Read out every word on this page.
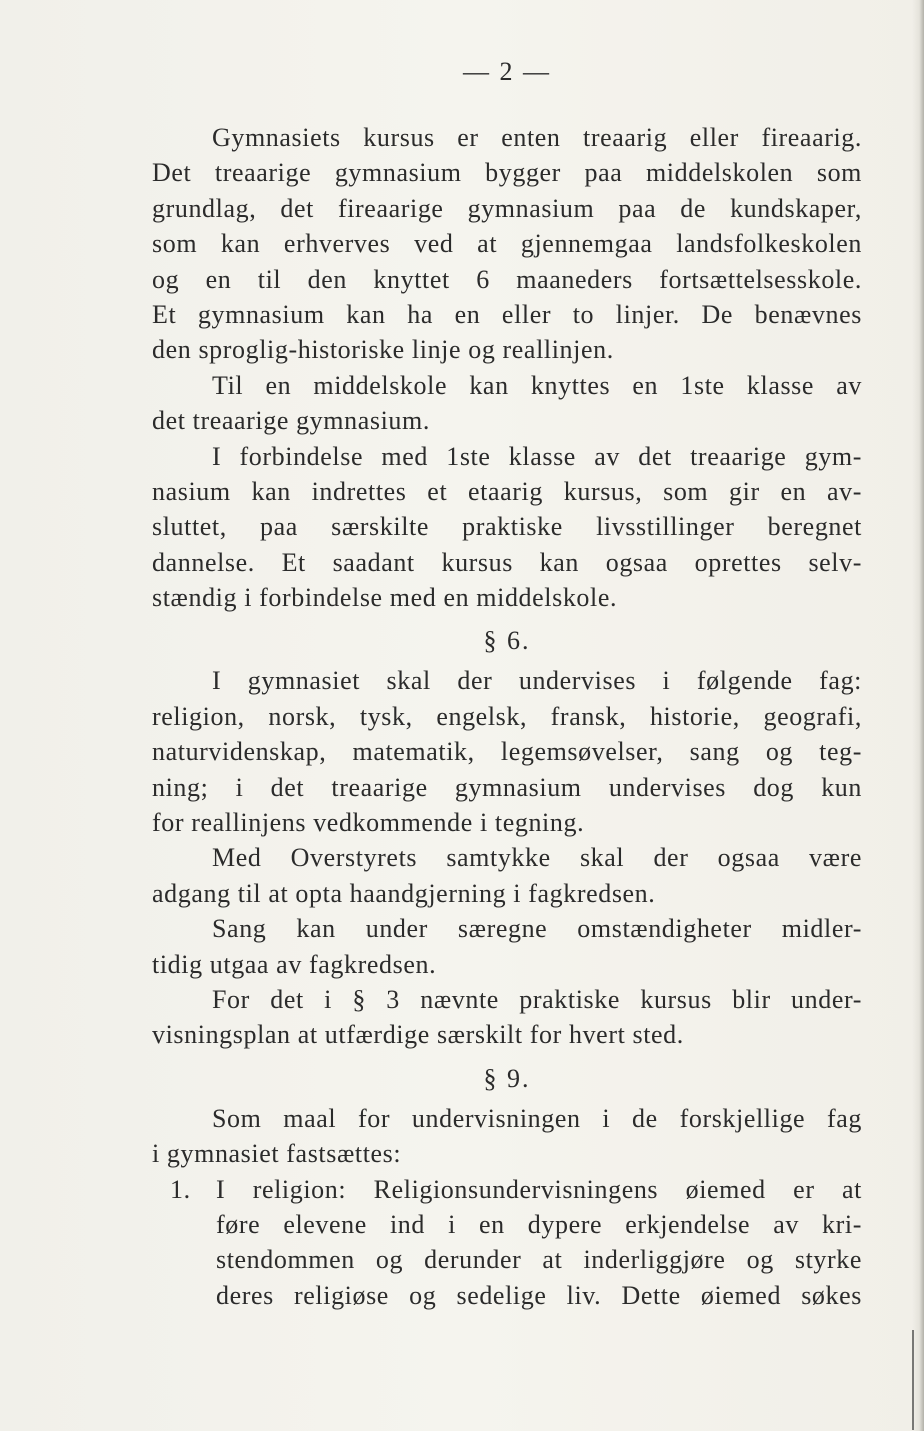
— 2 —

Gymnasiets kursus er enten treaarig eller fireaarig.
Det treaarige gymnasium bygger paa middelskolen som
grundlag, det fireaarige gymnasium paa de kundskaper,
som kan erhverves ved at gjennemgaa landsfolkeskolen
og en til den knyttet 6 maaneders fortsættelsesskole.
Et gymnasium kan ha en eller to linjer. De benævnes
den sproglig-historiske linje og reallinjen.

Til en middelskole kan knyttes en 1ste klasse av
det treaarige gymnasium.

I forbindelse med 1ste klasse av det treaarige gym-
nasium kan indrettes et etaarig kursus, som gir en av-
sluttet, paa særskilte praktiske livsstillinger beregnet
dannelse. Et saadant kursus kan ogsaa oprettes selv-
stændig i forbindelse med en middelskole.

§ 6.

I gymnasiet skal der undervises i følgende fag:
religion, norsk, tysk, engelsk, fransk, historie, geografi,
naturvidenskap, matematik, legemsøvelser, sang og teg-
ning; i det treaarige gymnasium undervises dog kun
for reallinjens vedkommende i tegning.

Med Overstyrets samtykke skal der ogsaa være
adgang til at opta haandgjerning i fagkredsen.

Sang kan under særegne omstændigheter midler-
tidig utgaa av fagkredsen.

For det i § 3 nævnte praktiske kursus blir under-
visningsplan at utfærdige særskilt for hvert sted.

§ 9.

Som maal for undervisningen i de forskjellige fag
i gymnasiet fastsættes:

1. I religion: Religionsundervisningens øiemed er at
føre elevene ind i en dypere erkjendelse av kri-
stendommen og derunder at inderliggjøre og styrke
deres religiøse og sedelige liv. Dette øiemed søkes
